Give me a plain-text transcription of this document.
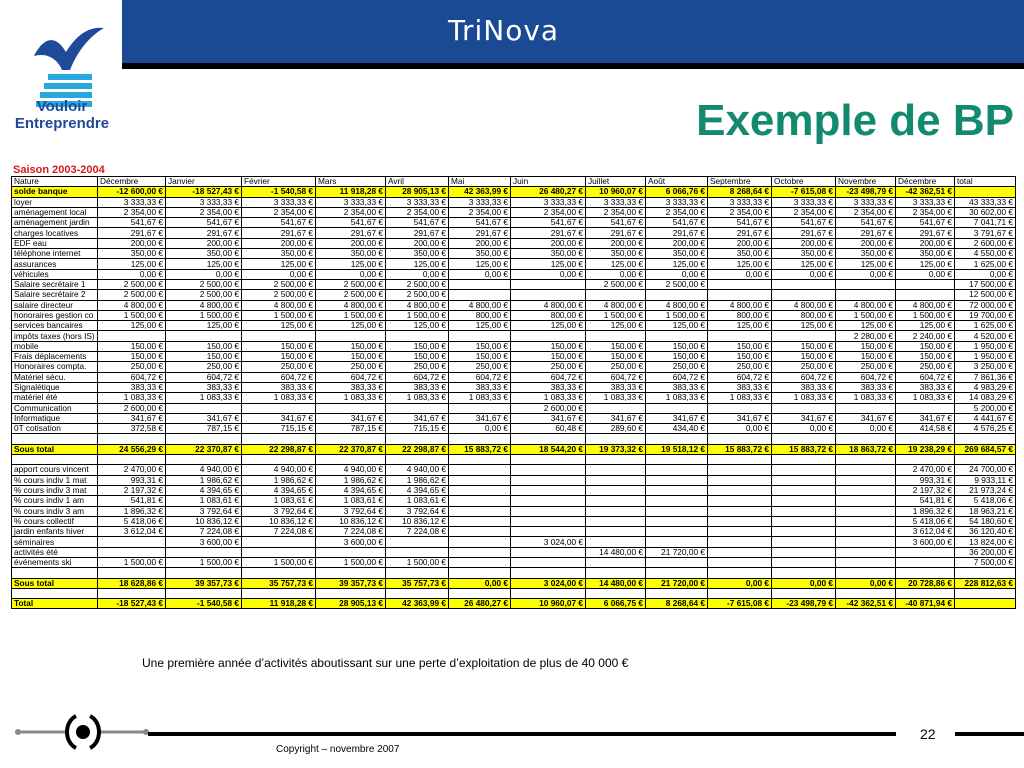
Vouloir
Entreprendre
TriNova
Exemple de BP
Saison 2003-2004
Nature	Décembre	Janvier	Février	Mars	Avril	Mai	Juin	Juillet	Août	Septembre	Octobre	Novembre	Décembre	total
solde banque	-12 600,00 €	-18 527,43 €	-1 540,58 €	11 918,28 €	28 905,13 €	42 363,99 €	26 480,27 €	10 960,07 €	6 066,76 €	8 268,64 €	-7 615,08 €	-23 498,79 €	-42 362,51 €	
loyer	3 333,33 €	3 333,33 €	3 333,33 €	3 333,33 €	3 333,33 €	3 333,33 €	3 333,33 €	3 333,33 €	3 333,33 €	3 333,33 €	3 333,33 €	3 333,33 €	3 333,33 €	43 333,33 €
aménagement local	2 354,00 €	2 354,00 €	2 354,00 €	2 354,00 €	2 354,00 €	2 354,00 €	2 354,00 €	2 354,00 €	2 354,00 €	2 354,00 €	2 354,00 €	2 354,00 €	2 354,00 €	30 602,00 €
aménagement jardin	541,67 €	541,67 €	541,67 €	541,67 €	541,67 €	541,67 €	541,67 €	541,67 €	541,67 €	541,67 €	541,67 €	541,67 €	541,67 €	7 041,71 €
charges locatives	291,67 €	291,67 €	291,67 €	291,67 €	291,67 €	291,67 €	291,67 €	291,67 €	291,67 €	291,67 €	291,67 €	291,67 €	291,67 €	3 791,67 €
EDF eau	200,00 €	200,00 €	200,00 €	200,00 €	200,00 €	200,00 €	200,00 €	200,00 €	200,00 €	200,00 €	200,00 €	200,00 €	200,00 €	2 600,00 €
téléphone internet	350,00 €	350,00 €	350,00 €	350,00 €	350,00 €	350,00 €	350,00 €	350,00 €	350,00 €	350,00 €	350,00 €	350,00 €	350,00 €	4 550,00 €
assurances	125,00 €	125,00 €	125,00 €	125,00 €	125,00 €	125,00 €	125,00 €	125,00 €	125,00 €	125,00 €	125,00 €	125,00 €	125,00 €	1 625,00 €
véhicules	0,00 €	0,00 €	0,00 €	0,00 €	0,00 €	0,00 €	0,00 €	0,00 €	0,00 €	0,00 €	0,00 €	0,00 €	0,00 €	0,00 €
Salaire secrétaire 1	2 500,00 €	2 500,00 €	2 500,00 €	2 500,00 €	2 500,00 €			2 500,00 €	2 500,00 €					17 500,00 €
Salaire secrétaire 2	2 500,00 €	2 500,00 €	2 500,00 €	2 500,00 €	2 500,00 €									12 500,00 €
salaire directeur	4 800,00 €	4 800,00 €	4 800,00 €	4 800,00 €	4 800,00 €	4 800,00 €	4 800,00 €	4 800,00 €	4 800,00 €	4 800,00 €	4 800,00 €	4 800,00 €	4 800,00 €	72 000,00 €
honoraires gestion co	1 500,00 €	1 500,00 €	1 500,00 €	1 500,00 €	1 500,00 €	800,00 €	800,00 €	1 500,00 €	1 500,00 €	800,00 €	800,00 €	1 500,00 €	1 500,00 €	19 700,00 €
services bancaires	125,00 €	125,00 €	125,00 €	125,00 €	125,00 €	125,00 €	125,00 €	125,00 €	125,00 €	125,00 €	125,00 €	125,00 €	125,00 €	1 625,00 €
impôts taxes (hors IS)												2 280,00 €	2 240,00 €	4 520,00 €
mobile	150,00 €	150,00 €	150,00 €	150,00 €	150,00 €	150,00 €	150,00 €	150,00 €	150,00 €	150,00 €	150,00 €	150,00 €	150,00 €	1 950,00 €
Frais déplacements	150,00 €	150,00 €	150,00 €	150,00 €	150,00 €	150,00 €	150,00 €	150,00 €	150,00 €	150,00 €	150,00 €	150,00 €	150,00 €	1 950,00 €
Honoraires compta.	250,00 €	250,00 €	250,00 €	250,00 €	250,00 €	250,00 €	250,00 €	250,00 €	250,00 €	250,00 €	250,00 €	250,00 €	250,00 €	3 250,00 €
Matériel sécu.	604,72 €	604,72 €	604,72 €	604,72 €	604,72 €	604,72 €	604,72 €	604,72 €	604,72 €	604,72 €	604,72 €	604,72 €	604,72 €	7 861,36 €
Signalétique	383,33 €	383,33 €	383,33 €	383,33 €	383,33 €	383,33 €	383,33 €	383,33 €	383,33 €	383,33 €	383,33 €	383,33 €	383,33 €	4 983,29 €
matériel été	1 083,33 €	1 083,33 €	1 083,33 €	1 083,33 €	1 083,33 €	1 083,33 €	1 083,33 €	1 083,33 €	1 083,33 €	1 083,33 €	1 083,33 €	1 083,33 €	1 083,33 €	14 083,29 €
Communication	2 600,00 €						2 600,00 €							5 200,00 €
Informatique	341,67 €	341,67 €	341,67 €	341,67 €	341,67 €	341,67 €	341,67 €	341,67 €	341,67 €	341,67 €	341,67 €	341,67 €	341,67 €	4 441,67 €
0T cotisation	372,58 €	787,15 €	715,15 €	787,15 €	715,15 €	0,00 €	60,48 €	289,60 €	434,40 €	0,00 €	0,00 €	0,00 €	414,58 €	4 576,25 €

Sous total	24 556,29 €	22 370,87 €	22 298,87 €	22 370,87 €	22 298,87 €	15 883,72 €	18 544,20 €	19 373,32 €	19 518,12 €	15 883,72 €	15 883,72 €	18 863,72 €	19 238,29 €	269 684,57 €

apport cours vincent	2 470,00 €	4 940,00 €	4 940,00 €	4 940,00 €	4 940,00 €								2 470,00 €	24 700,00 €
% cours indiv 1 mat	993,31 €	1 986,62 €	1 986,62 €	1 986,62 €	1 986,62 €								993,31 €	9 933,11 €
% cours indiv 3 mat	2 197,32 €	4 394,65 €	4 394,65 €	4 394,65 €	4 394,65 €								2 197,32 €	21 973,24 €
% cours indiv 1 am	541,81 €	1 083,61 €	1 083,61 €	1 083,61 €	1 083,61 €								541,81 €	5 418,06 €
% cours indiv 3 am	1 896,32 €	3 792,64 €	3 792,64 €	3 792,64 €	3 792,64 €								1 896,32 €	18 963,21 €
% cours collectif	5 418,06 €	10 836,12 €	10 836,12 €	10 836,12 €	10 836,12 €								5 418,06 €	54 180,60 €
jardin enfants hiver	3 612,04 €	7 224,08 €	7 224,08 €	7 224,08 €	7 224,08 €								3 612,04 €	36 120,40 €
séminaires		3 600,00 €		3 600,00 €			3 024,00 €						3 600,00 €	13 824,00 €
activités été								14 480,00 €	21 720,00 €					36 200,00 €
événements ski	1 500,00 €	1 500,00 €	1 500,00 €	1 500,00 €	1 500,00 €									7 500,00 €

Sous total	18 628,86 €	39 357,73 €	35 757,73 €	39 357,73 €	35 757,73 €	0,00 €	3 024,00 €	14 480,00 €	21 720,00 €	0,00 €	0,00 €	0,00 €	20 728,86 €	228 812,63 €

Total	-18 527,43 €	-1 540,58 €	11 918,28 €	28 905,13 €	42 363,99 €	26 480,27 €	10 960,07 €	6 066,75 €	8 268,64 €	-7 615,08 €	-23 498,79 €	-42 362,51 €	-40 871,94 €	
Une première année d’activités aboutissant sur une perte d’exploitation de plus de 40 000 €
22
Copyright – novembre 2007
